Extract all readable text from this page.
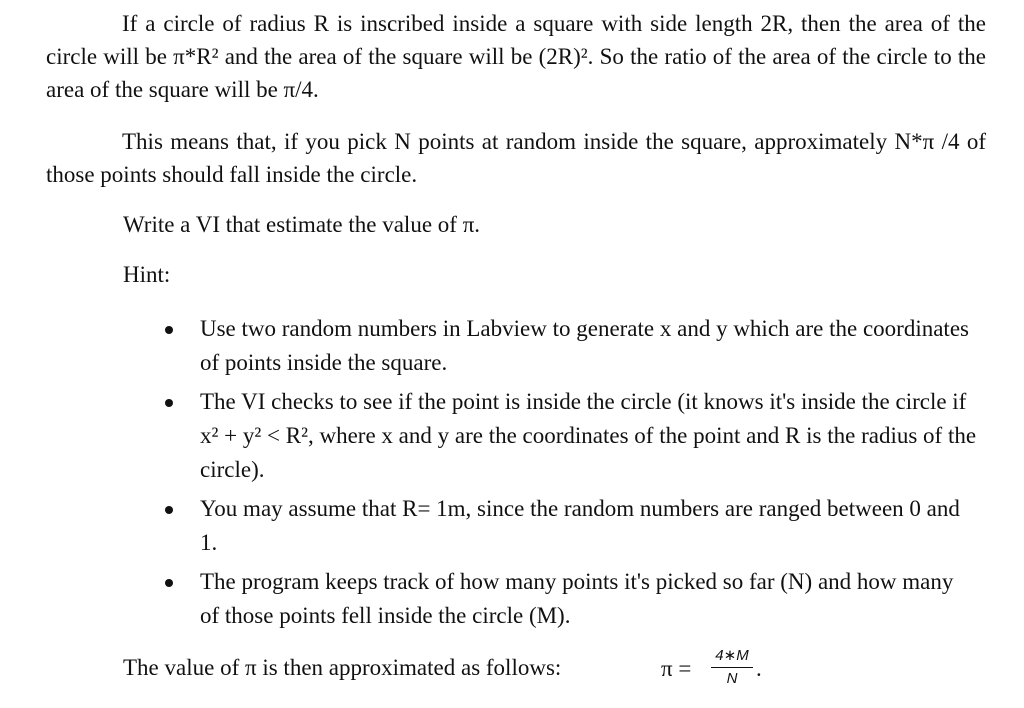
If a circle of radius R is inscribed inside a square with side length 2R, then the area of the circle will be π*R² and the area of the square will be (2R)². So the ratio of the area of the circle to the area of the square will be π/4.

This means that, if you pick N points at random inside the square, approximately N*π /4 of those points should fall inside the circle.

Write a VI that estimate the value of π.

Hint:

Use two random numbers in Labview to generate x and y which are the coordinates of points inside the square.
The VI checks to see if the point is inside the circle (it knows it's inside the circle if x² + y² < R², where x and y are the coordinates of the point and R is the radius of the circle).
You may assume that R= 1m, since the random numbers are ranged between 0 and 1.
The program keeps track of how many points it's picked so far (N) and how many of those points fell inside the circle (M).
The value of π is then approximated as follows:	π =
4∗M
N .
